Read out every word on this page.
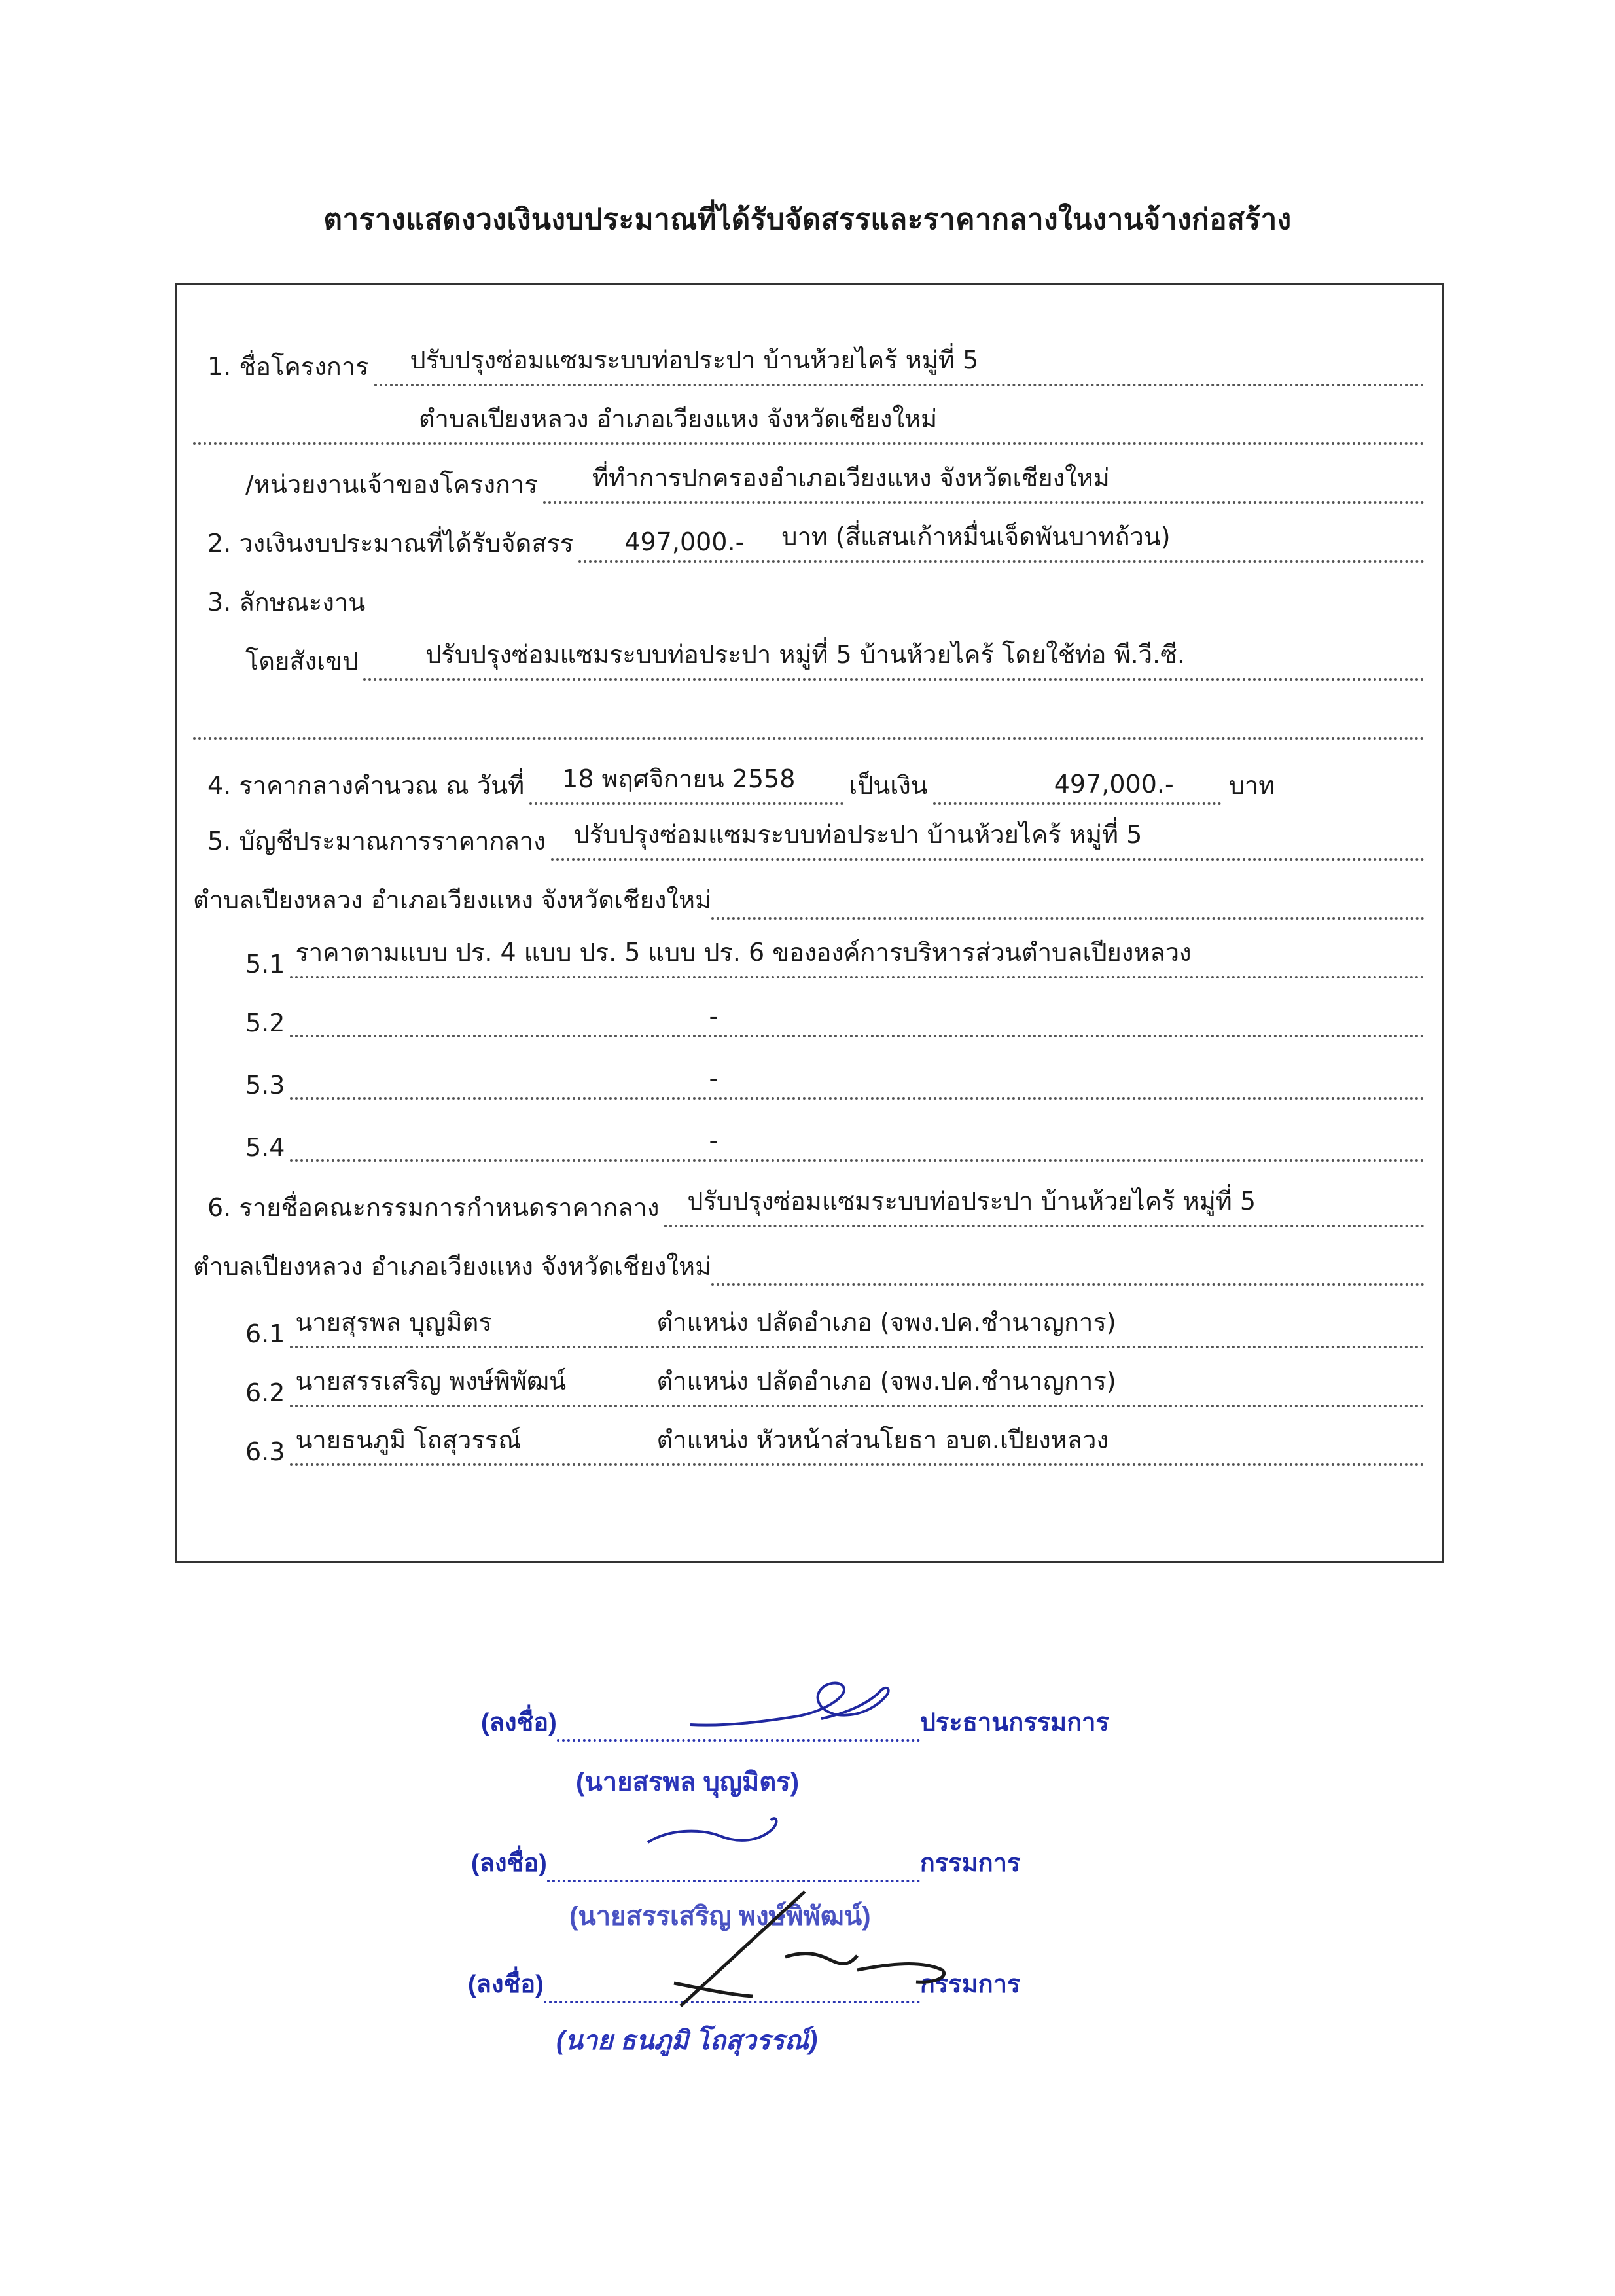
ตารางแสดงวงเงินงบประมาณที่ได้รับจัดสรรและราคากลางในงานจ้างก่อสร้าง
1. ชื่อโครงการ ปรับปรุงซ่อมแซมระบบท่อประปา บ้านห้วยไคร้ หมู่ที่ 5
ตำบลเปียงหลวง อำเภอเวียงแหง จังหวัดเชียงใหม่
/หน่วยงานเจ้าของโครงการ ที่ทำการปกครองอำเภอเวียงแหง จังหวัดเชียงใหม่
2. วงเงินงบประมาณที่ได้รับจัดสรร 497,000.- บาท (สี่แสนเก้าหมื่นเจ็ดพันบาทถ้วน)
3. ลักษณะงาน
โดยสังเขป	ปรับปรุงซ่อมแซมระบบท่อประปา หมู่ที่ 5 บ้านห้วยไคร้ โดยใช้ท่อ พี.วี.ซี.
4. ราคากลางคำนวณ ณ วันที่ 18 พฤศจิกายน 2558 เป็นเงิน	497,000.- บาท
5. บัญชีประมาณการราคากลาง ปรับปรุงซ่อมแซมระบบท่อประปา บ้านห้วยไคร้ หมู่ที่ 5
ตำบลเปียงหลวง อำเภอเวียงแหง จังหวัดเชียงใหม่
5.1 ราคาตามแบบ ปร. 4 แบบ ปร. 5 แบบ ปร. 6 ขององค์การบริหารส่วนตำบลเปียงหลวง
5.2	-
5.3	-
5.4	-
6. รายชื่อคณะกรรมการกำหนดราคากลาง ปรับปรุงซ่อมแซมระบบท่อประปา บ้านห้วยไคร้ หมู่ที่ 5
ตำบลเปียงหลวง อำเภอเวียงแหง จังหวัดเชียงใหม่
6.1 นายสุรพล บุญมิตร	ตำแหน่ง ปลัดอำเภอ (จพง.ปค.ชำนาญการ)
6.2 นายสรรเสริญ พงษ์พิพัฒน์	ตำแหน่ง ปลัดอำเภอ (จพง.ปค.ชำนาญการ)
6.3 นายธนภูมิ โถสุวรรณ์	ตำแหน่ง หัวหน้าส่วนโยธา อบต.เปียงหลวง
(ลงชื่อ)	ประธานกรรมการ
(นายสรพล บุญมิตร)
(ลงชื่อ)	กรรมการ
(นายสรรเสริญ พงษ์พิพัฒน์)
(ลงชื่อ)	กรรมการ
(นาย ธนภูมิ โถสุวรรณ์)
